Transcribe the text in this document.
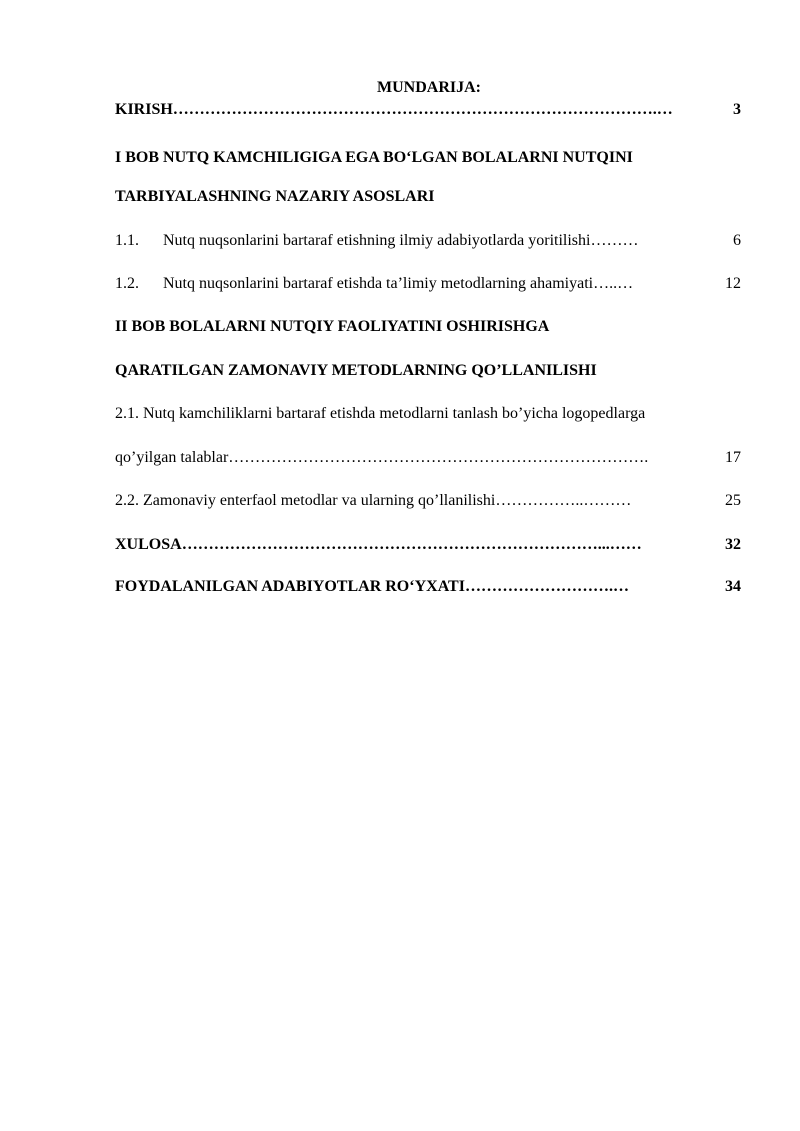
MUNDARIJA:
KIRISH ……………………………………………………………………………….…	3
I BOB NUTQ KAMCHILIGIGA EGA BO‘LGAN BOLALARNI NUTQINI
TARBIYALASHNING NAZARIY ASOSLARI
1.1.	Nutq nuqsonlarini bartaraf etishning ilmiy adabiyotlarda yoritilishi ………	6
1.2.	Nutq nuqsonlarini bartaraf etishda ta’limiy metodlarning ahamiyati …..…	12
II BOB BOLALARNI NUTQIY FAOLIYATINI OSHIRISHGA
QARATILGAN ZAMONAVIY METODLARNING QO’LLANILISHI
2.1. Nutq kamchiliklarni bartaraf etishda metodlarni tanlash bo’yicha logopedlarga
qo’yilgan talablar …………………………………………………………………….	17
2.2. Zamonaviy enterfaol metodlar va ularning qo’llanilishi ……………..………	25
XULOSA ……………………………………………………………………...……	32
FOYDALANILGAN ADABIYOTLAR RO‘YXATI ……………………….…	34
